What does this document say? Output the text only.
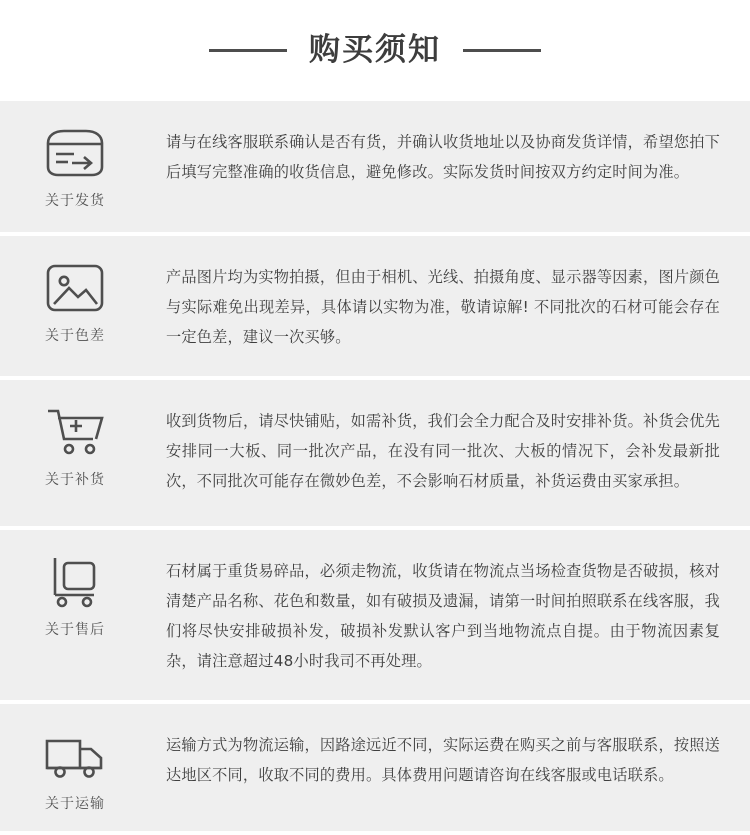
购买须知
关于发货

请与在线客服联系确认是否有货，并确认收货地址以及协商发货详情，希望您拍下后填写完整准确的收货信息，避免修改。实际发货时间按双方约定时间为准。

关于色差

产品图片均为实物拍摄，但由于相机、光线、拍摄角度、显示器等因素，图片颜色与实际难免出现差异，具体请以实物为准，敬请谅解! 不同批次的石材可能会存在一定色差，建议一次买够。

关于补货

收到货物后，请尽快铺贴，如需补货，我们会全力配合及时安排补货。补货会优先安排同一大板、同一批次产品，在没有同一批次、大板的情况下，会补发最新批次，不同批次可能存在微妙色差，不会影响石材质量，补货运费由买家承担。

关于售后

石材属于重货易碎品，必须走物流，收货请在物流点当场检查货物是否破损，核对清楚产品名称、花色和数量，如有破损及遗漏，请第一时间拍照联系在线客服，我们将尽快安排破损补发，破损补发默认客户到当地物流点自提。由于物流因素复杂，请注意超过48小时我司不再处理。

关于运输

运输方式为物流运输，因路途远近不同，实际运费在购买之前与客服联系，按照送达地区不同，收取不同的费用。具体费用问题请咨询在线客服或电话联系。
